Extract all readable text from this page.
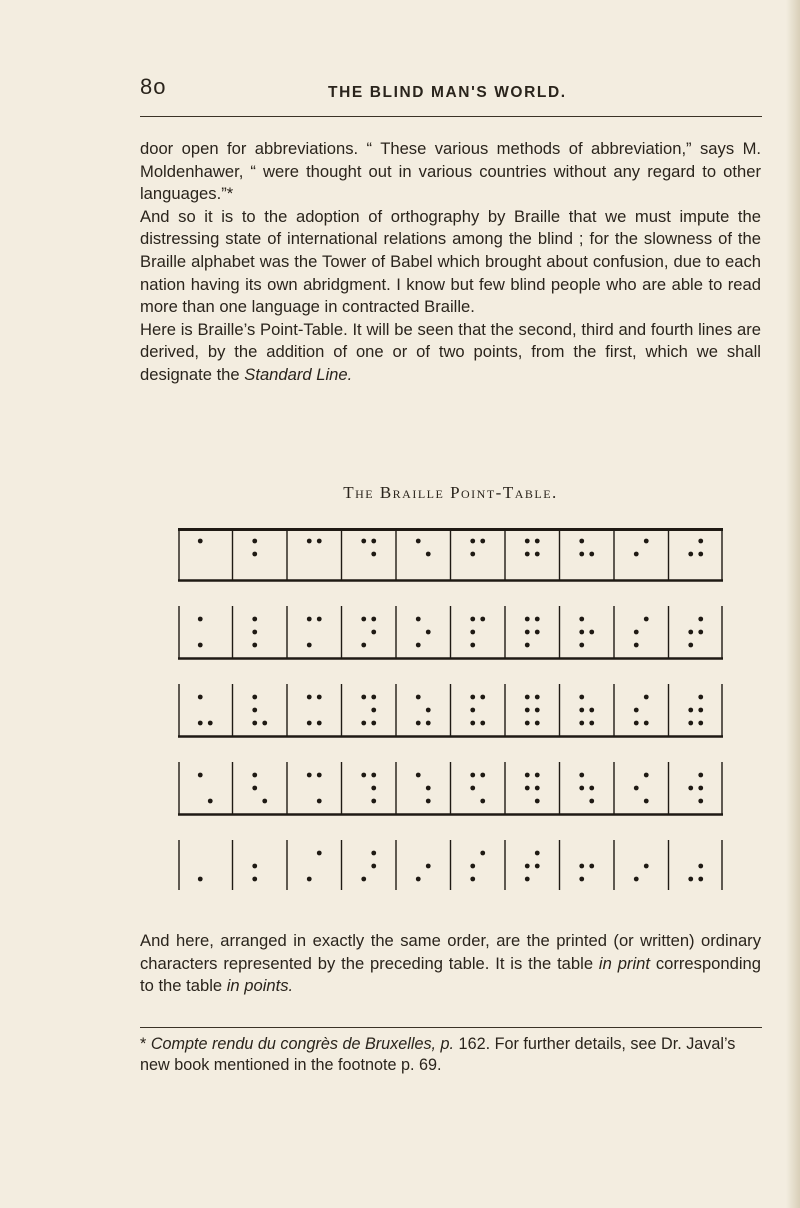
8o	THE BLIND MAN'S WORLD.

door open for abbreviations. “ These various methods of abbreviation,” says M. Moldenhawer, “ were thought out in various countries without any regard to other languages.”*

And so it is to the adoption of orthography by Braille that we must impute the distressing state of international relations among the blind ; for the slowness of the Braille alphabet was the Tower of Babel which brought about confusion, due to each nation having its own abridgment. I know but few blind people who are able to read more than one language in contracted Braille.

Here is Braille’s Point-Table. It will be seen that the second, third and fourth lines are derived, by the addition of one or of two points, from the first, which we shall designate the Standard Line.

The Braille Point-Table.

And here, arranged in exactly the same order, are the printed (or written) ordinary characters represented by the preceding table. It is the table in print corresponding to the table in points.

* Compte rendu du congrès de Bruxelles, p. 162. For further details, see Dr. Javal’s new book mentioned in the footnote p. 69.
